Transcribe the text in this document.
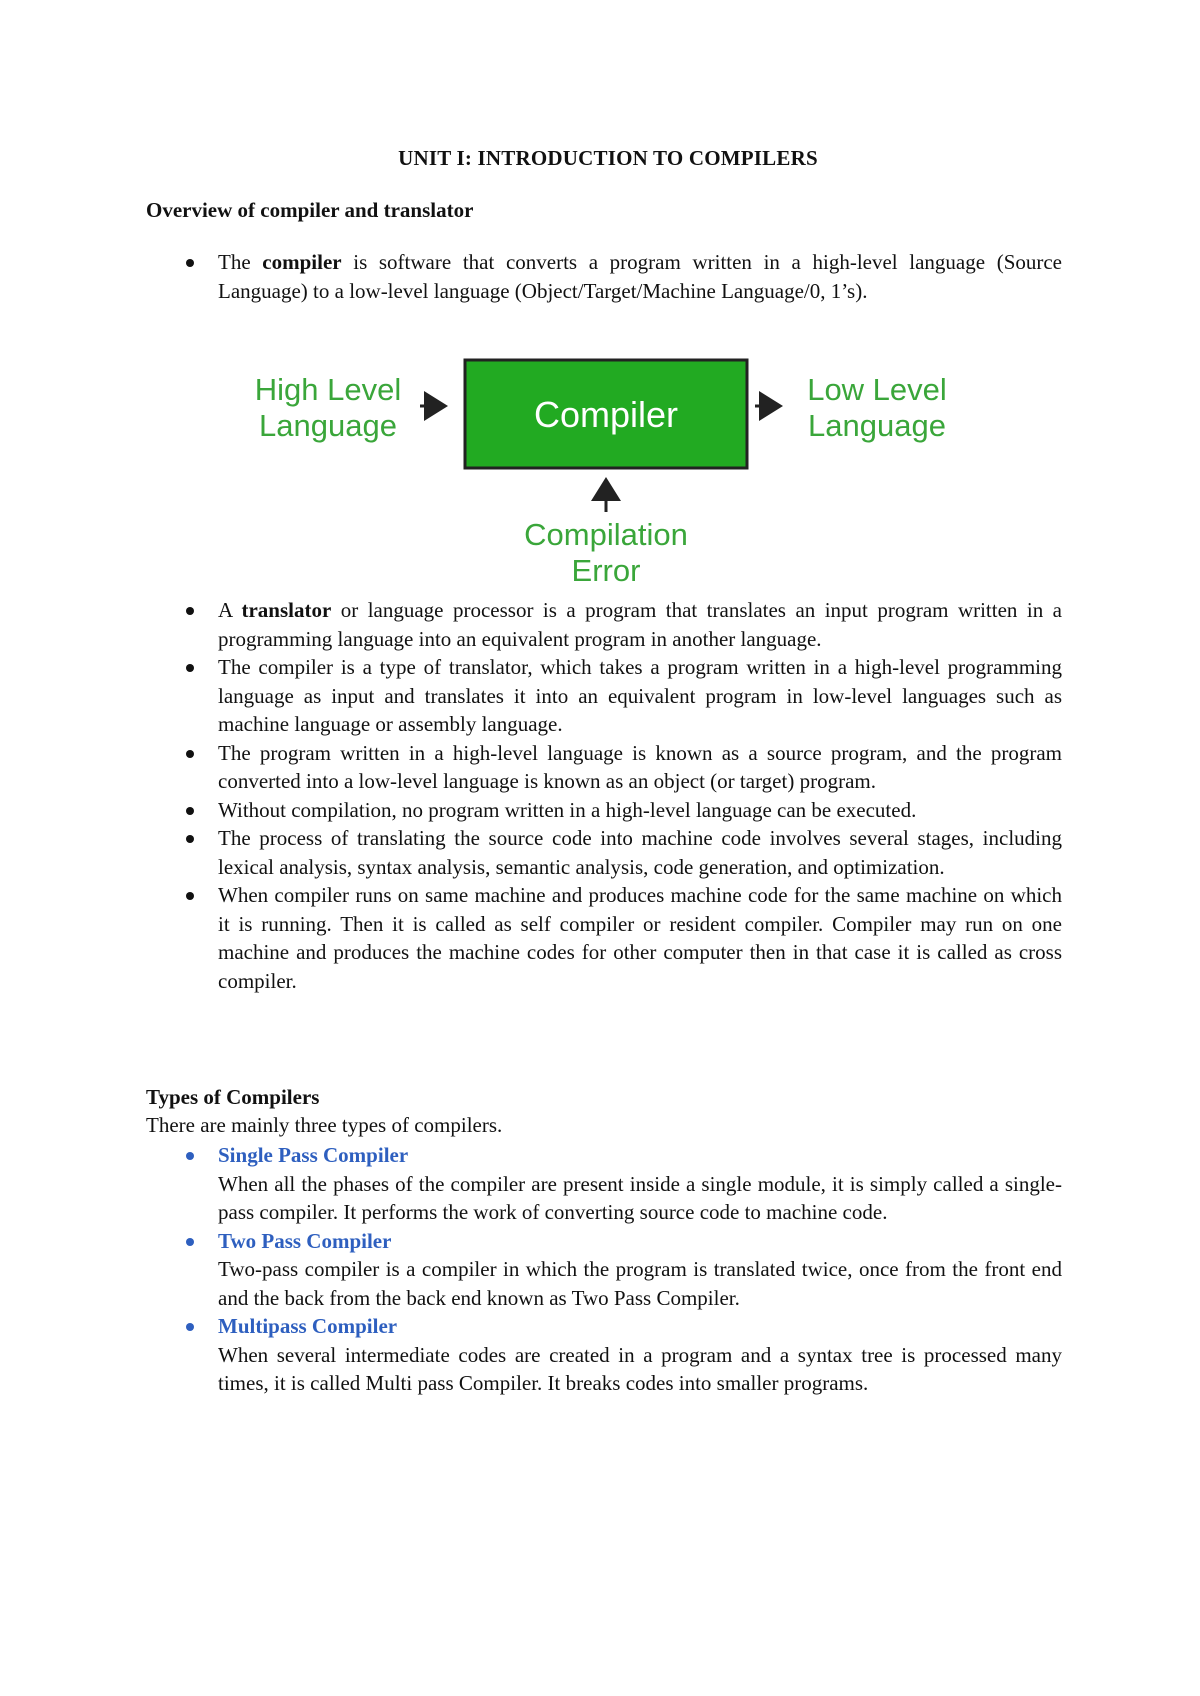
UNIT I: INTRODUCTION TO COMPILERS
Overview of compiler and translator
The compiler is software that converts a program written in a high-level language (Source Language) to a low-level language (Object/Target/Machine Language/0, 1’s).
High Level
Language	Compiler
Low Level
Language
Compilation
Error
A translator or language processor is a program that translates an input program written in a programming language into an equivalent program in another language.
The compiler is a type of translator, which takes a program written in a high-level programming language as input and translates it into an equivalent program in low-level languages such as machine language or assembly language.
The program written in a high-level language is known as a source program, and the program converted into a low-level language is known as an object (or target) program.
Without compilation, no program written in a high-level language can be executed.
The process of translating the source code into machine code involves several stages, including lexical analysis, syntax analysis, semantic analysis, code generation, and optimization.
When compiler runs on same machine and produces machine code for the same machine on which it is running. Then it is called as self compiler or resident compiler. Compiler may run on one machine and produces the machine codes for other computer then in that case it is called as cross compiler.
Types of Compilers
There are mainly three types of compilers.
Single Pass Compiler
When all the phases of the compiler are present inside a single module, it is simply called a single-pass compiler. It performs the work of converting source code to machine code.
Two Pass Compiler
Two-pass compiler is a compiler in which the program is translated twice, once from the front end and the back from the back end known as Two Pass Compiler.
Multipass Compiler
When several intermediate codes are created in a program and a syntax tree is processed many times, it is called Multi pass Compiler. It breaks codes into smaller programs.
